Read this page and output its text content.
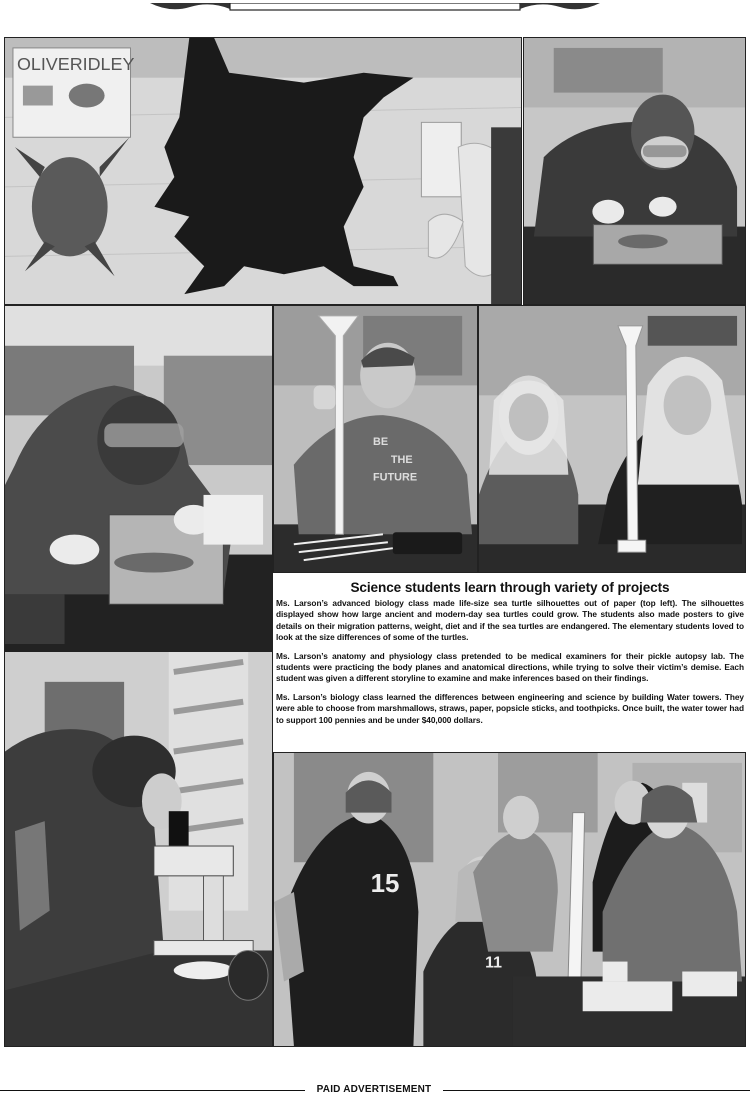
OLIVERIDLEY
BE
THE
FUTURE
Science students learn through variety of projects

Ms. Larson’s advanced biology class made life-size sea turtle silhouettes out of paper (top left). The silhouettes displayed show how large ancient and modern-day sea turtles could grow. The students also made posters to give details on their migration patterns, weight, diet and if the sea turtles are endangered. The elementary students loved to look at the size differences of some of the turtles.

Ms. Larson’s anatomy and physiology class pretended to be medical examiners for their pickle autopsy lab. The students were practicing the body planes and anatomical directions, while trying to solve their victim’s demise. Each student was given a different storyline to examine and make inferences based on their findings.

Ms. Larson’s biology class learned the differences between engineering and science by building Water towers. They were able to choose from marshmallows, straws, paper, popsicle sticks, and toothpicks. Once built, the water tower had to support 100 pennies and be under $40,000 dollars.

15
11
PAID ADVERTISEMENT
